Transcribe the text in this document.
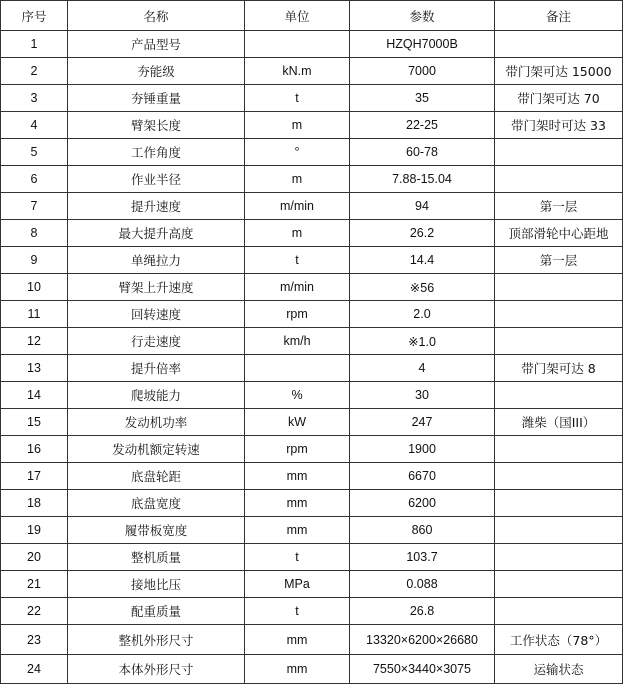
序号	名称	单位	参数	备注
1	产品型号		HZQH7000B	
2	夯能级	kN.m	7000	带门架可达 15000
3	夯锤重量	t	35	带门架可达 70
4	臂架长度	m	22-25	带门架时可达 33
5	工作角度	°	60-78	
6	作业半径	m	7.88-15.04	
7	提升速度	m/min	94	第一层
8	最大提升高度	m	26.2	顶部滑轮中心距地
9	单绳拉力	t	14.4	第一层
10	臂架上升速度	m/min	※56	
11	回转速度	rpm	2.0	
12	行走速度	km/h	※1.0	
13	提升倍率		4	带门架可达 8
14	爬坡能力	%	30	
15	发动机功率	kW	247	潍柴（国III）
16	发动机额定转速	rpm	1900	
17	底盘轮距	mm	6670	
18	底盘宽度	mm	6200	
19	履带板宽度	mm	860	
20	整机质量	t	103.7	
21	接地比压	MPa	0.088	
22	配重质量	t	26.8	
23	整机外形尺寸	mm	13320×6200×26680	工作状态（78°）
24	本体外形尺寸	mm	7550×3440×3075	运输状态
